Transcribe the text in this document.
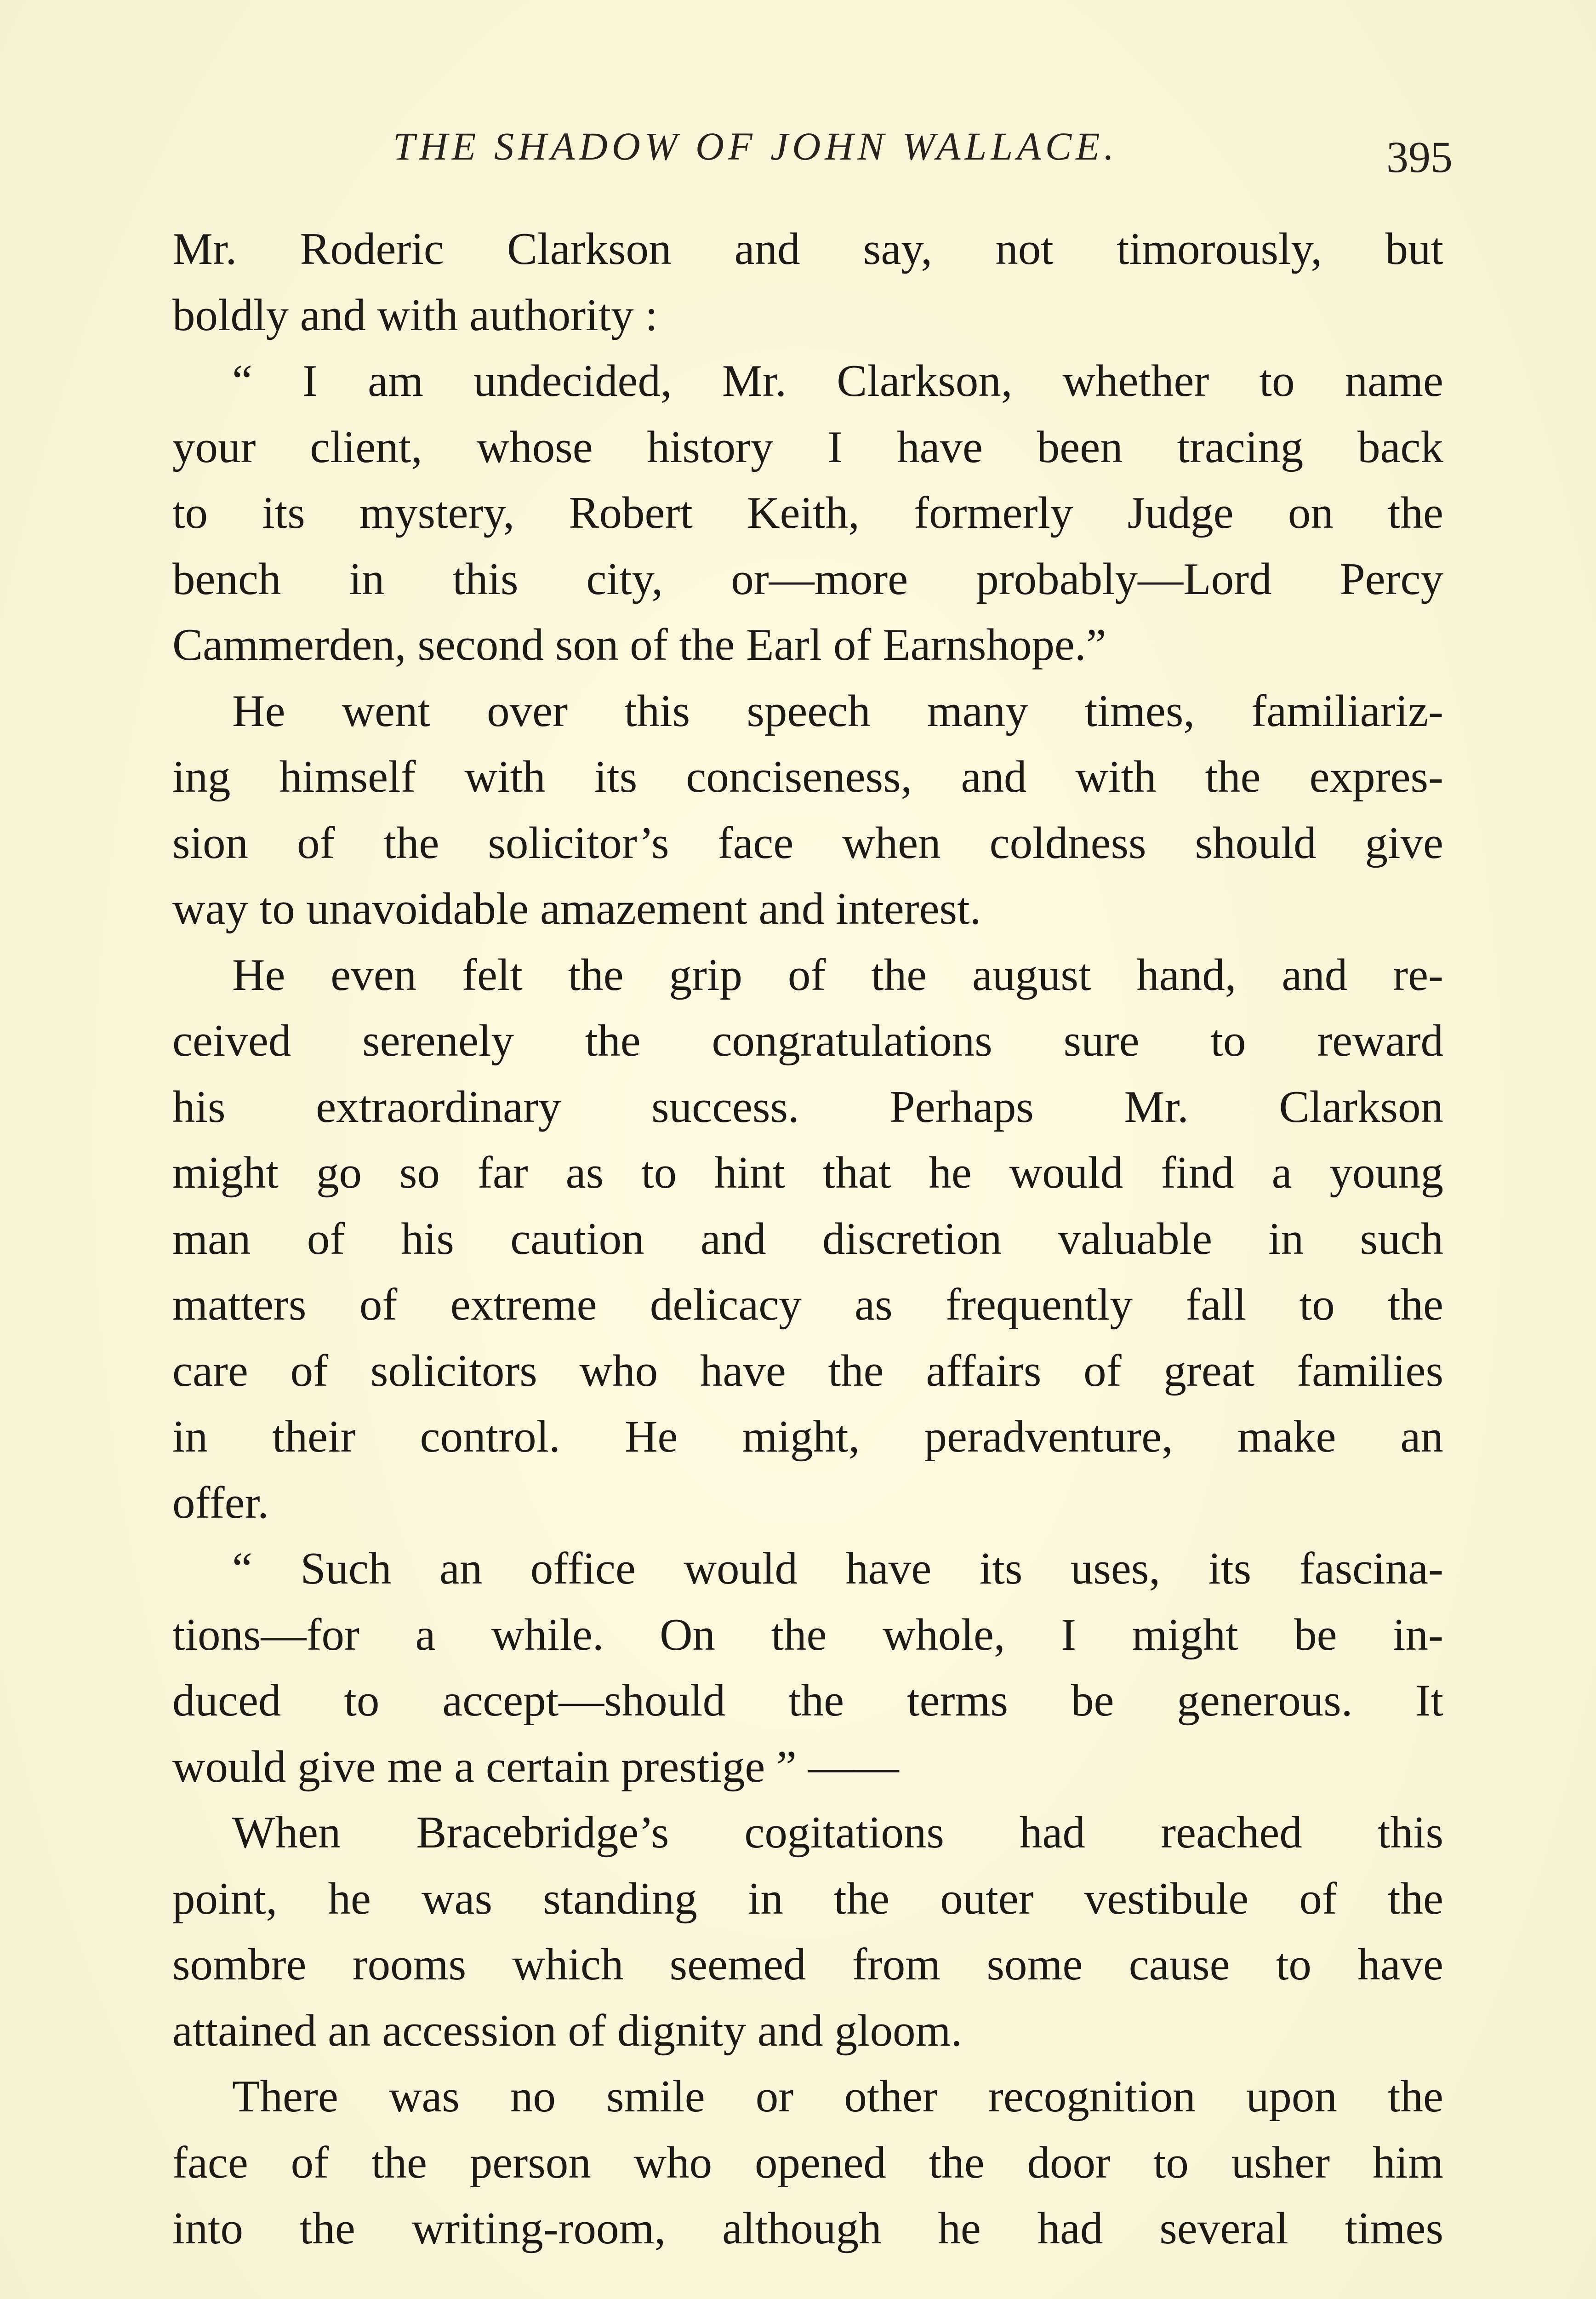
THE SHADOW OF JOHN WALLACE.	395
Mr. Roderic Clarkson and say, not timorously, but
boldly and with authority :
“ I am undecided, Mr. Clarkson, whether to name
your client, whose history I have been tracing back
to its mystery, Robert Keith, formerly Judge on the
bench in this city, or—more probably—Lord Percy
Cammerden, second son of the Earl of Earnshope.”
He went over this speech many times, familiariz-
ing himself with its conciseness, and with the expres-
sion of the solicitor’s face when coldness should give
way to unavoidable amazement and interest.
He even felt the grip of the august hand, and re-
ceived serenely the congratulations sure to reward
his extraordinary success. Perhaps Mr. Clarkson
might go so far as to hint that he would find a young
man of his caution and discretion valuable in such
matters of extreme delicacy as frequently fall to the
care of solicitors who have the affairs of great families
in their control. He might, peradventure, make an
offer.
“ Such an office would have its uses, its fascina-
tions—for a while. On the whole, I might be in-
duced to accept—should the terms be generous. It
would give me a certain prestige ” ——
When Bracebridge’s cogitations had reached this
point, he was standing in the outer vestibule of the
sombre rooms which seemed from some cause to have
attained an accession of dignity and gloom.
There was no smile or other recognition upon the
face of the person who opened the door to usher him
into the writing-room, although he had several times
